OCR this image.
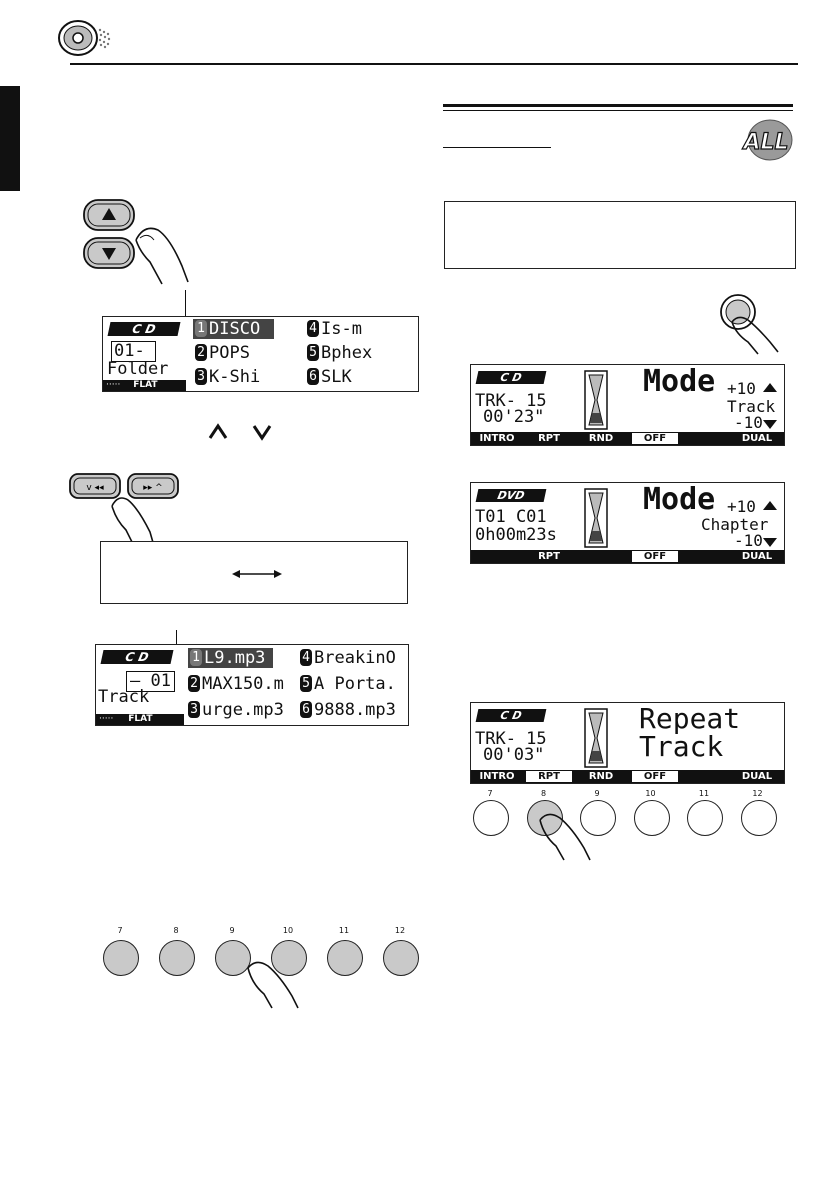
C D	1 DISCO
2 POPS
3 K-Shi
4 Is-m
5 Bphex
6 SLK
01-
Folder
····· FLAT
v ◂◂	▸▸ ^
C D	1 L9.mp3
2 MAX150.m
3 urge.mp3
4 BreakinO
5 A Porta.
6 9888.mp3
– 01
Track
····· FLAT
7	8	9	10	11	12
ALL
C D
TRK- 15
00'23"
Mode +10
Track
-10
INTRO	RPT	RND	OFF	DUAL
DVD
T01 C01
0h00m23s
Mode +10
Chapter
-10
RPT	OFF	DUAL
C D
TRK- 15
00'03"
Repeat
Track
INTRO	RPT	RND	OFF	DUAL
7	8	9	10	11	12
